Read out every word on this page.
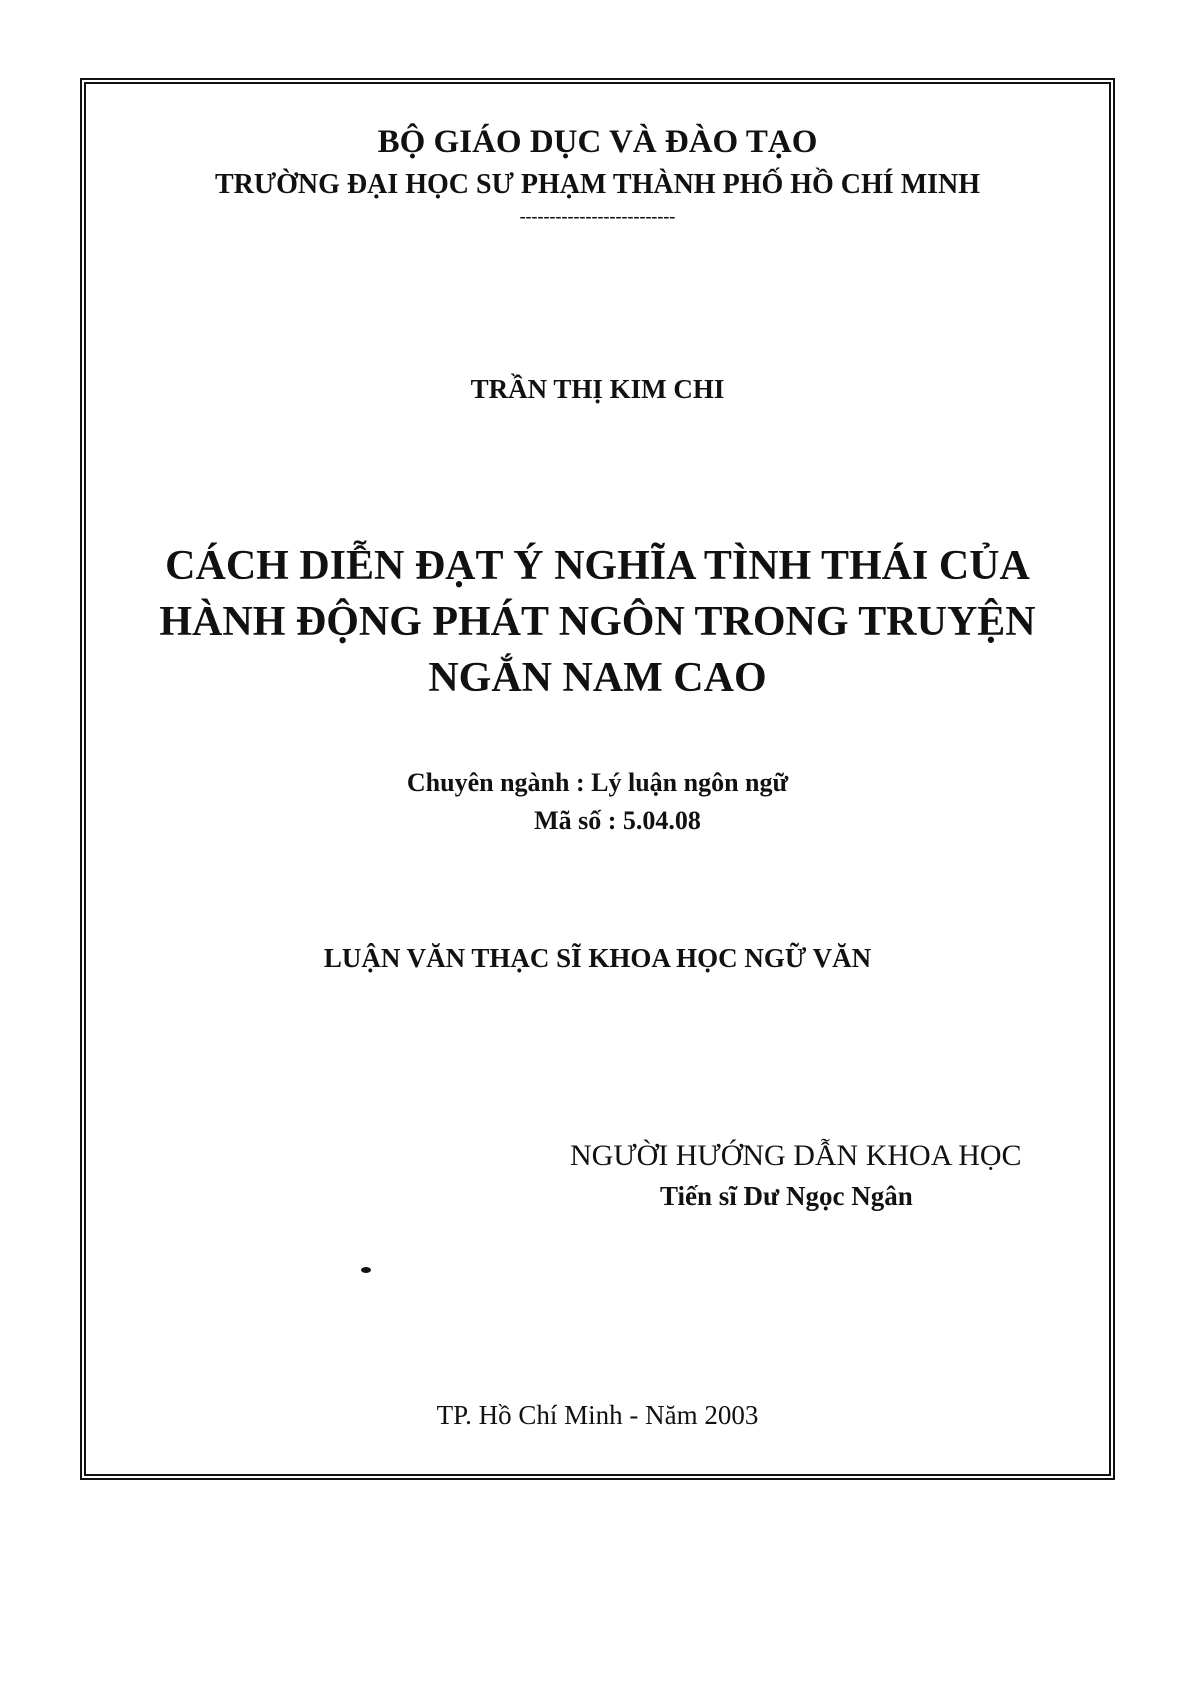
BỘ GIÁO DỤC VÀ ĐÀO TẠO
TRƯỜNG ĐẠI HỌC SƯ PHẠM THÀNH PHỐ HỒ CHÍ MINH
--------------------------
TRẦN THỊ KIM CHI
CÁCH DIỄN ĐẠT Ý NGHĨA TÌNH THÁI CỦA
HÀNH ĐỘNG PHÁT NGÔN TRONG TRUYỆN
NGẮN NAM CAO
Chuyên ngành : Lý luận ngôn ngữ
Mã số : 5.04.08
LUẬN VĂN THẠC SĨ KHOA HỌC NGỮ VĂN
NGƯỜI HƯỚNG DẪN KHOA HỌC
Tiến sĩ Dư Ngọc Ngân
TP. Hồ Chí Minh - Năm 2003
